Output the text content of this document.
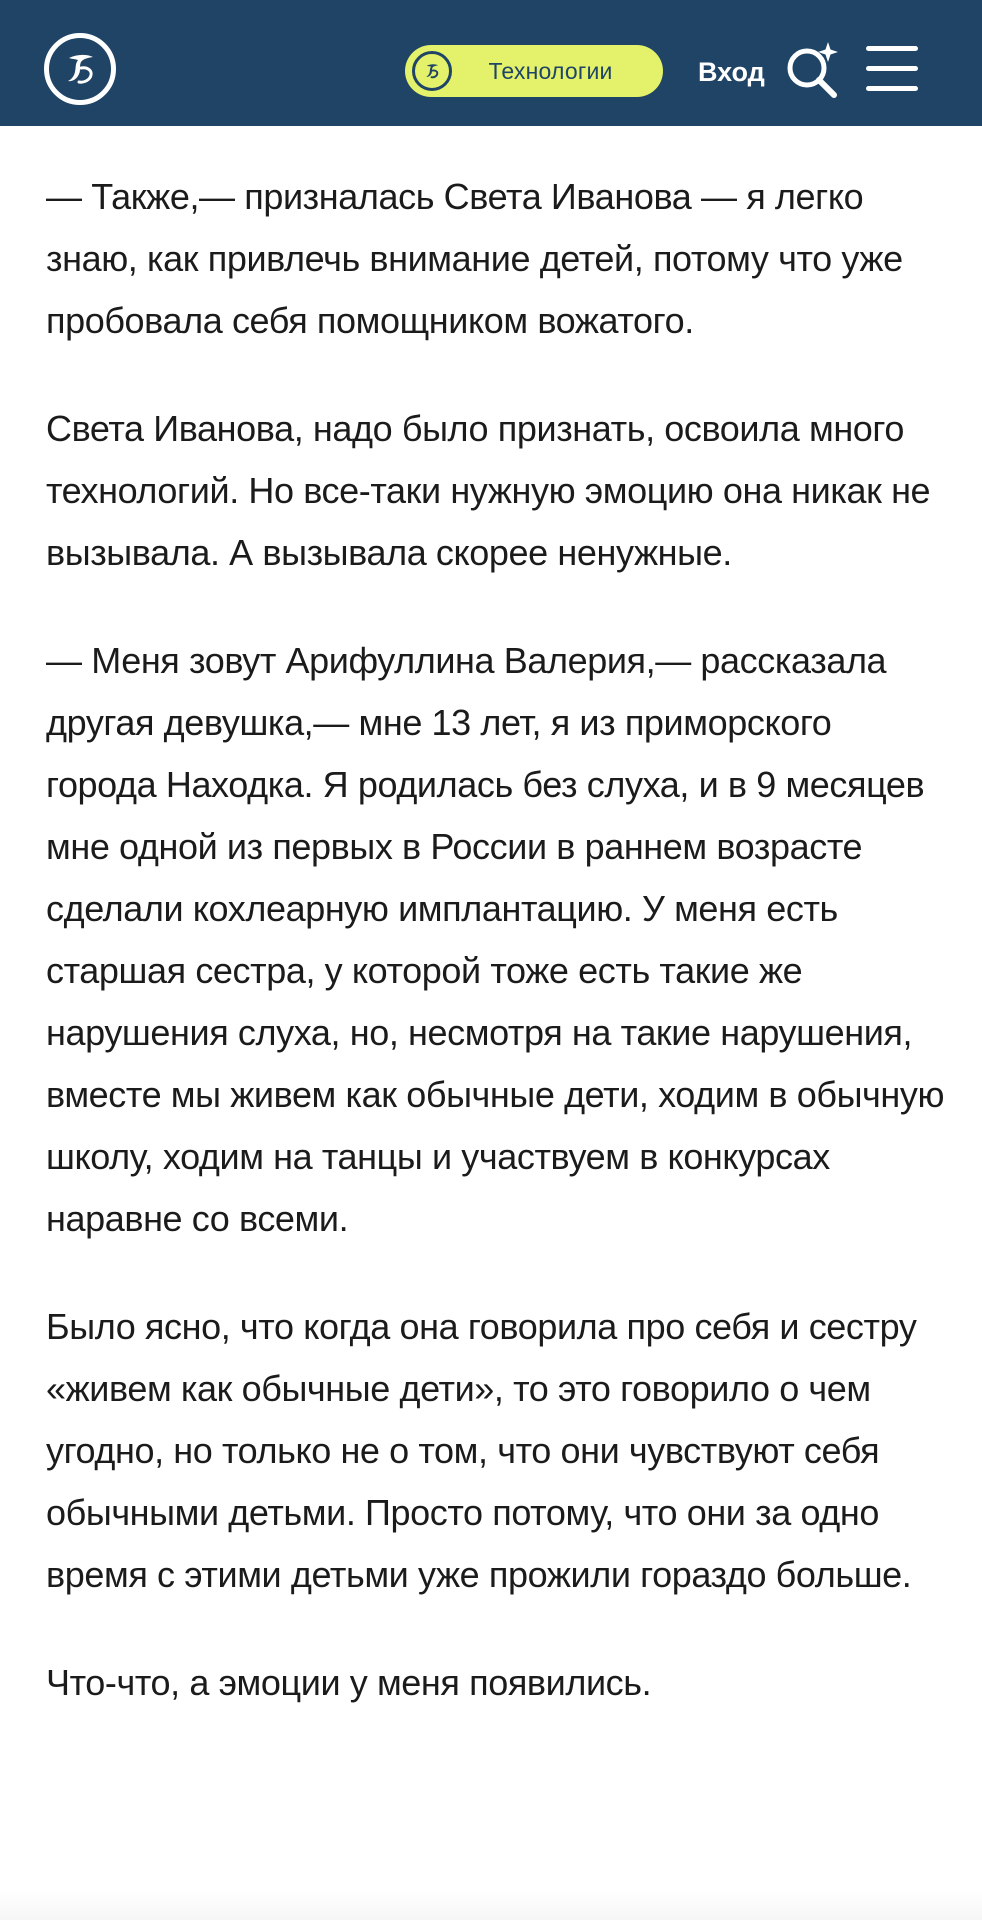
Технологии	Вход

— Также,— призналась Света Иванова — я легко знаю, как привлечь внимание детей, потому что уже пробовала себя помощником вожатого.

Света Иванова, надо было признать, освоила много технологий. Но все-таки нужную эмоцию она никак не вызывала. А вызывала скорее ненужные.

— Меня зовут Арифуллина Валерия,— рассказала другая девушка,— мне 13 лет, я из приморского города Находка. Я родилась без слуха, и в 9 месяцев мне одной из первых в России в раннем возрасте сделали кохлеарную имплантацию. У меня есть старшая сестра, у которой тоже есть такие же нарушения слуха, но, несмотря на такие нарушения, вместе мы живем как обычные дети, ходим в обычную школу, ходим на танцы и участвуем в конкурсах наравне со всеми.

Было ясно, что когда она говорила про себя и сестру «живем как обычные дети», то это говорило о чем угодно, но только не о том, что они чувствуют себя обычными детьми. Просто потому, что они за одно время с этими детьми уже прожили гораздо больше.

Что-что, а эмоции у меня появились.
